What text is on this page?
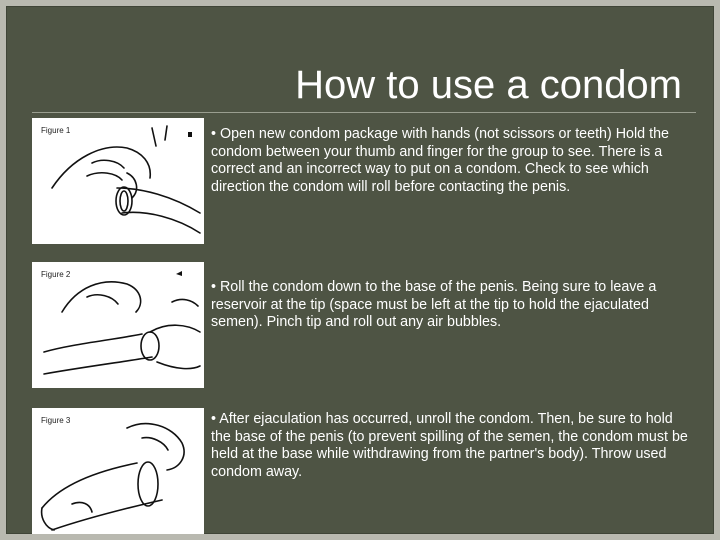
How to use a condom
Figure 1	• Open new condom package with hands (not scissors or teeth) Hold the condom between your thumb and finger for the group to see. There is a correct and an incorrect way to put on a condom. Check to see which direction the condom will roll before contacting the penis.
Figure 2
• Roll the condom down to the base of the penis. Being sure to leave a reservoir at the tip (space must be left at the tip to hold the ejaculated semen). Pinch tip and roll out any air bubbles.
Figure 3	• After ejaculation has occurred, unroll the condom. Then, be sure to hold the base of the penis (to prevent spilling of the semen, the condom must be held at the base while withdrawing from the partner's body). Throw used condom away.
